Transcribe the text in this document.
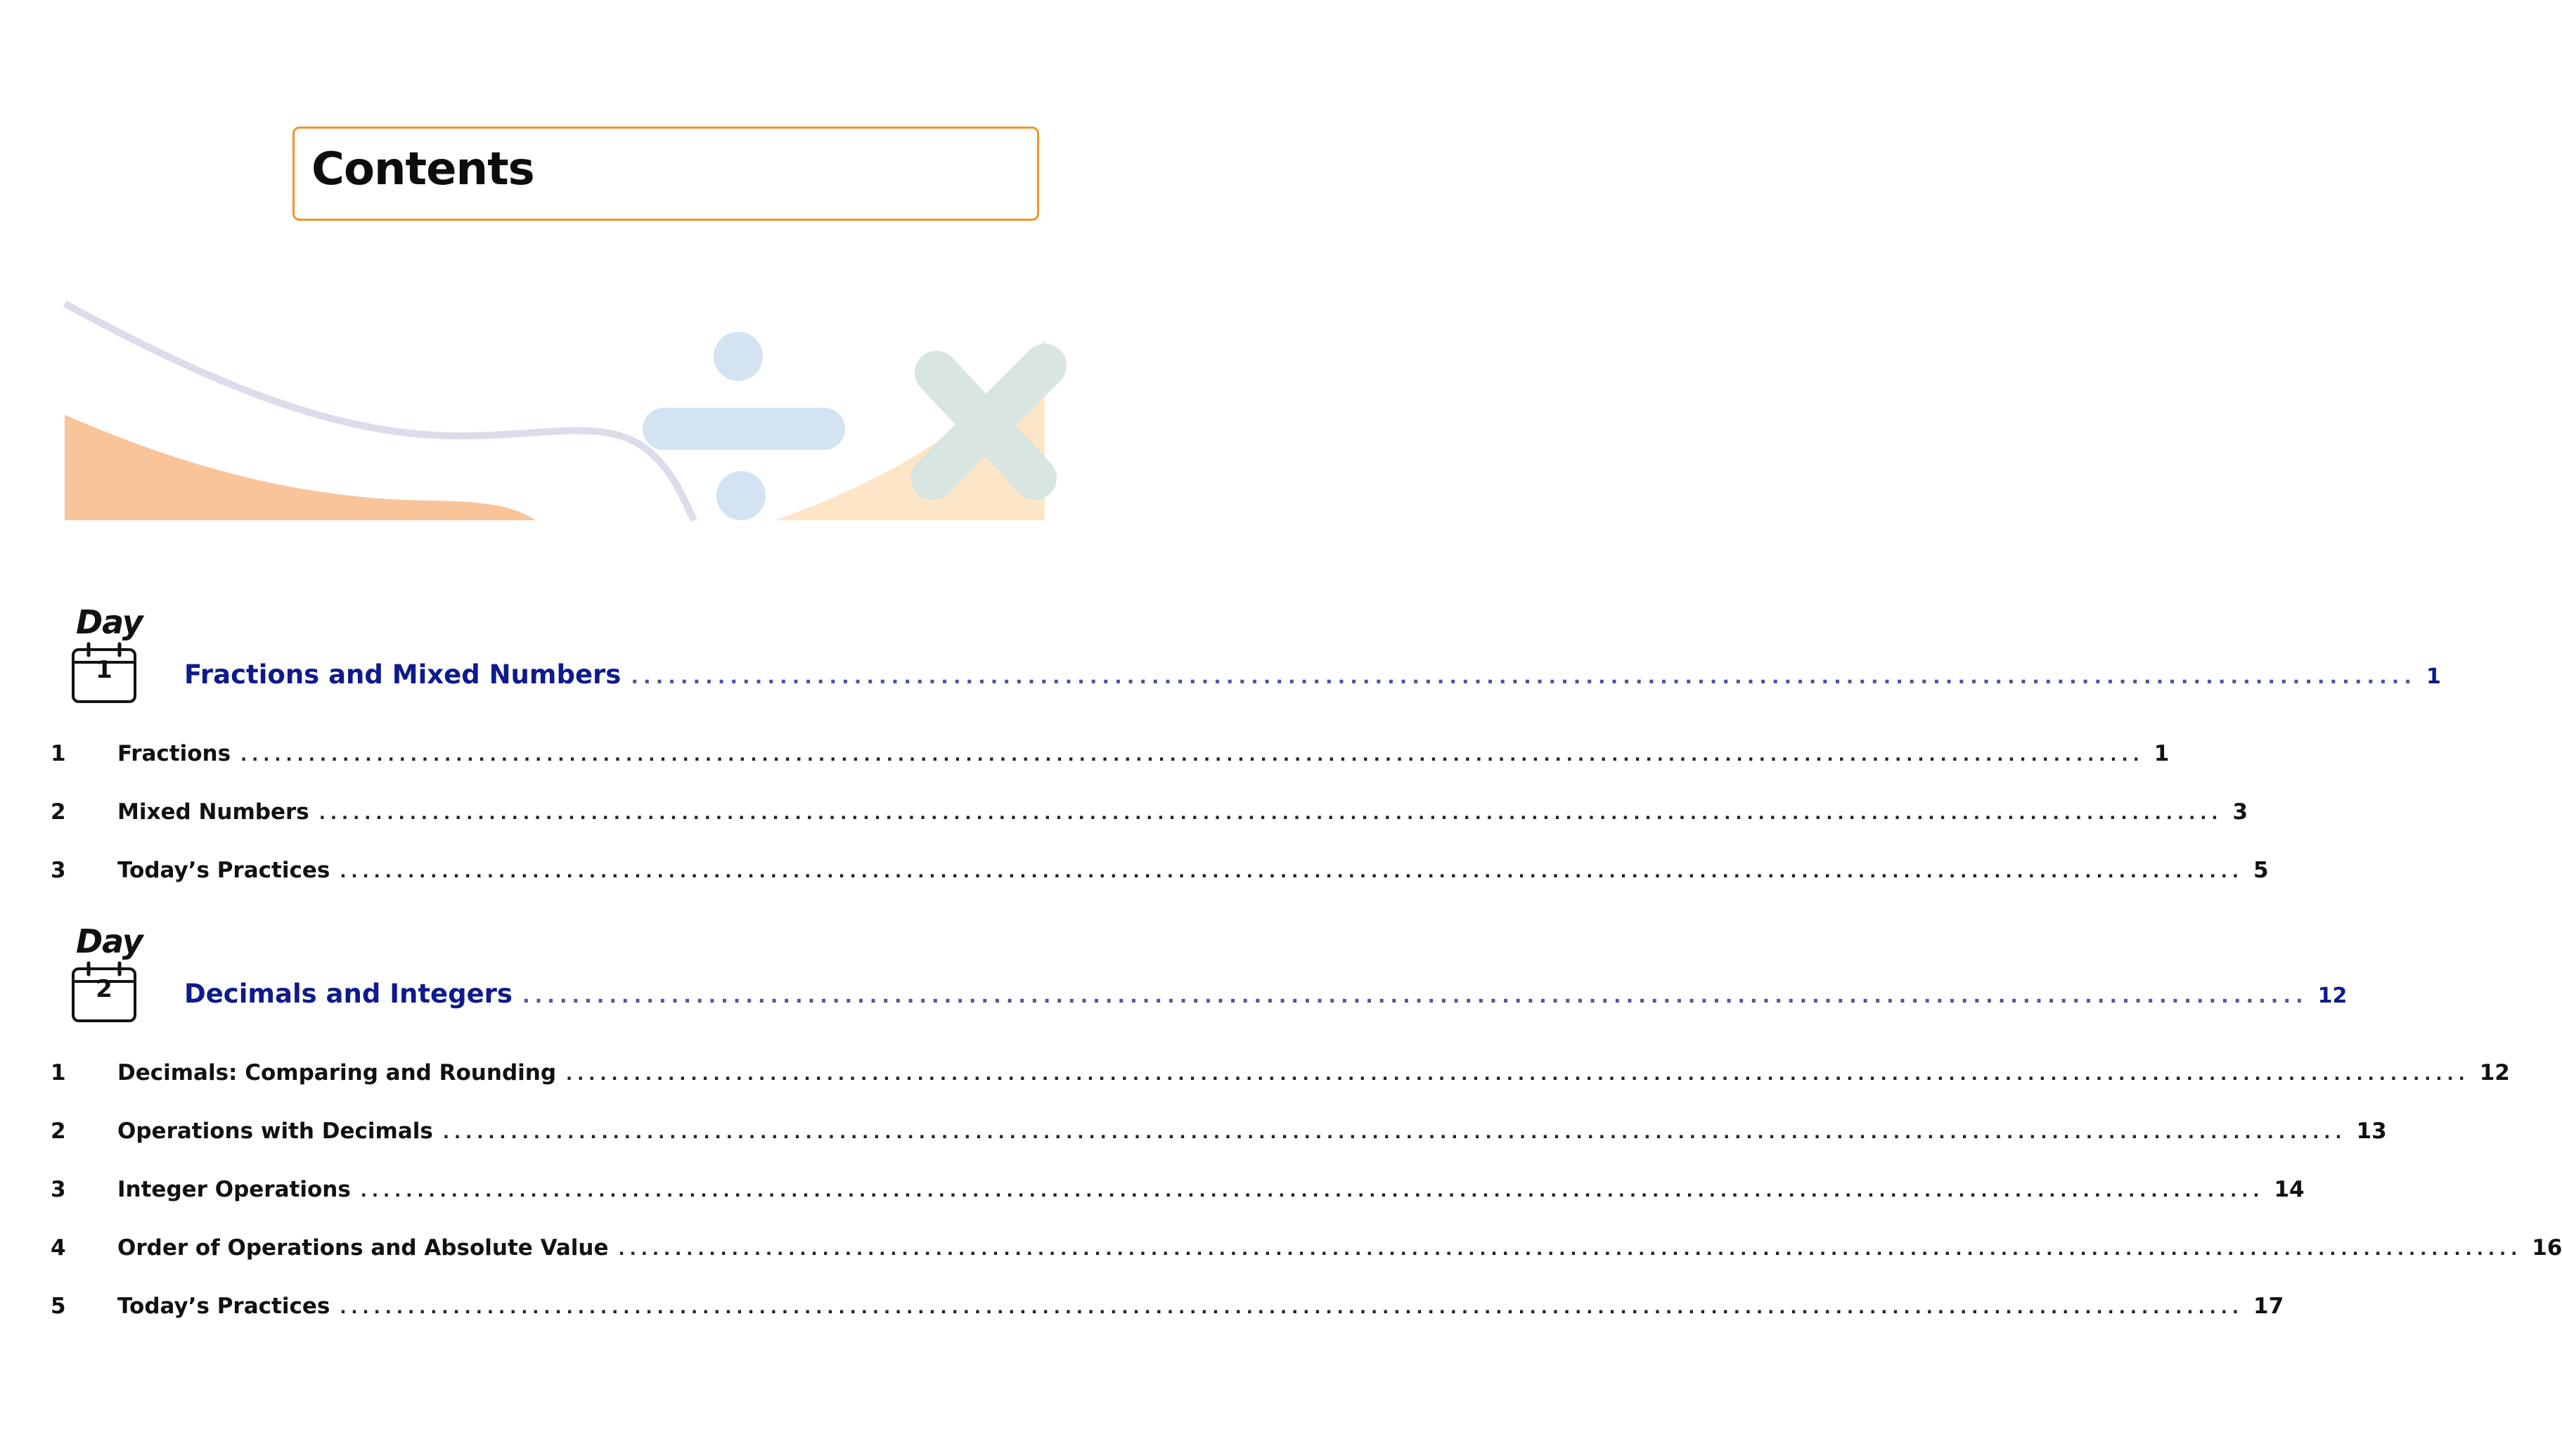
Contents
Day
1	Fractions and Mixed Numbers ................................................................................................................................................ 1
1	Fractions ........................................................................................................................................................................ 1
2	Mixed Numbers ........................................................................................................................................................................ 3
3	Today’s Practices ........................................................................................................................................................................ 5
Day
2	Decimals and Integers ................................................................................................................................................ 12
1	Decimals: Comparing and Rounding ........................................................................................................................................................................ 12
2	Operations with Decimals ........................................................................................................................................................................ 13
3	Integer Operations ........................................................................................................................................................................ 14
4	Order of Operations and Absolute Value ........................................................................................................................................................................ 16
5	Today’s Practices ........................................................................................................................................................................ 17
